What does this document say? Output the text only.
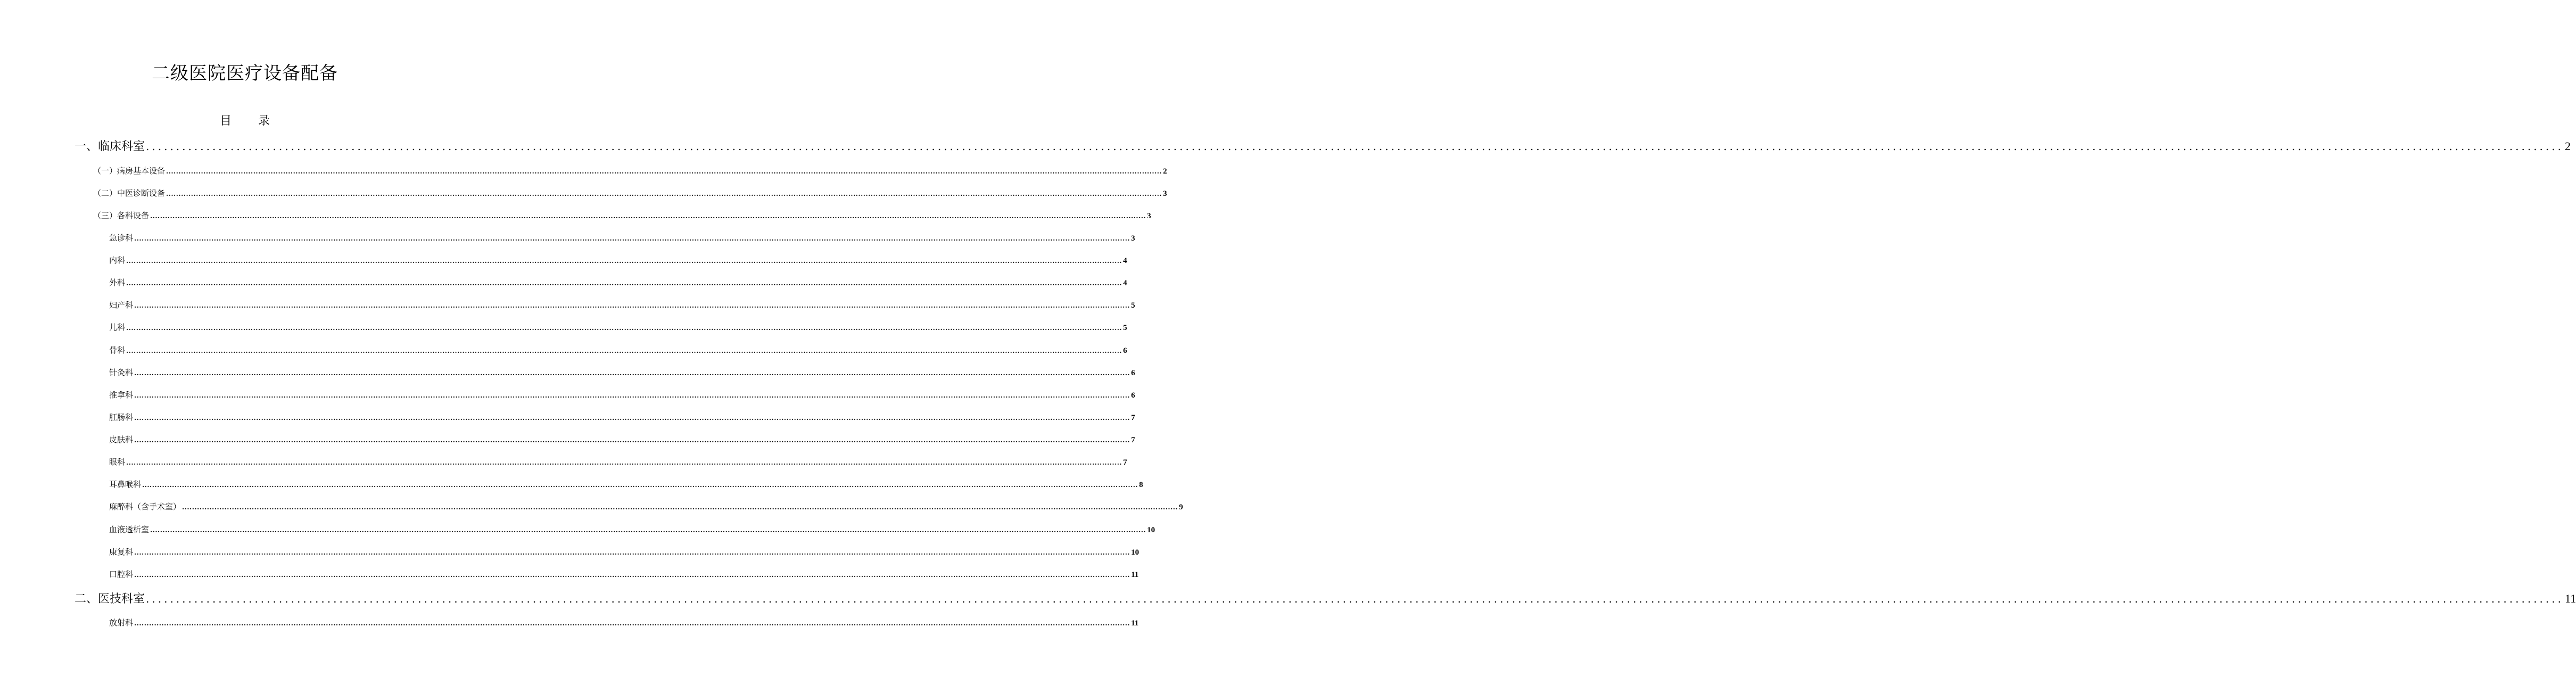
二级医院医疗设备配备
目 录
一、临床科室 ................................................................................................................................................................................................................................................................................................................................................................................................................ 2
（一）病房基本设备 ................................................................................................................................................................................................................................................................................................................................................................................................................ 2
（二）中医诊断设备 ................................................................................................................................................................................................................................................................................................................................................................................................................ 3
（三）各科设备 ................................................................................................................................................................................................................................................................................................................................................................................................................ 3
急诊科 ................................................................................................................................................................................................................................................................................................................................................................................................................ 3
内科 ................................................................................................................................................................................................................................................................................................................................................................................................................ 4
外科 ................................................................................................................................................................................................................................................................................................................................................................................................................ 4
妇产科 ................................................................................................................................................................................................................................................................................................................................................................................................................ 5
儿科 ................................................................................................................................................................................................................................................................................................................................................................................................................ 5
骨科 ................................................................................................................................................................................................................................................................................................................................................................................................................ 6
针灸科 ................................................................................................................................................................................................................................................................................................................................................................................................................ 6
推拿科 ................................................................................................................................................................................................................................................................................................................................................................................................................ 6
肛肠科 ................................................................................................................................................................................................................................................................................................................................................................................................................ 7
皮肤科 ................................................................................................................................................................................................................................................................................................................................................................................................................ 7
眼科 ................................................................................................................................................................................................................................................................................................................................................................................................................ 7
耳鼻喉科 ................................................................................................................................................................................................................................................................................................................................................................................................................ 8
麻醉科（含手术室） ................................................................................................................................................................................................................................................................................................................................................................................................................ 9
血液透析室 ................................................................................................................................................................................................................................................................................................................................................................................................................ 10
康复科 ................................................................................................................................................................................................................................................................................................................................................................................................................ 10
口腔科 ................................................................................................................................................................................................................................................................................................................................................................................................................ 11
二、医技科室 ................................................................................................................................................................................................................................................................................................................................................................................................................ 11
放射科 ................................................................................................................................................................................................................................................................................................................................................................................................................ 11
